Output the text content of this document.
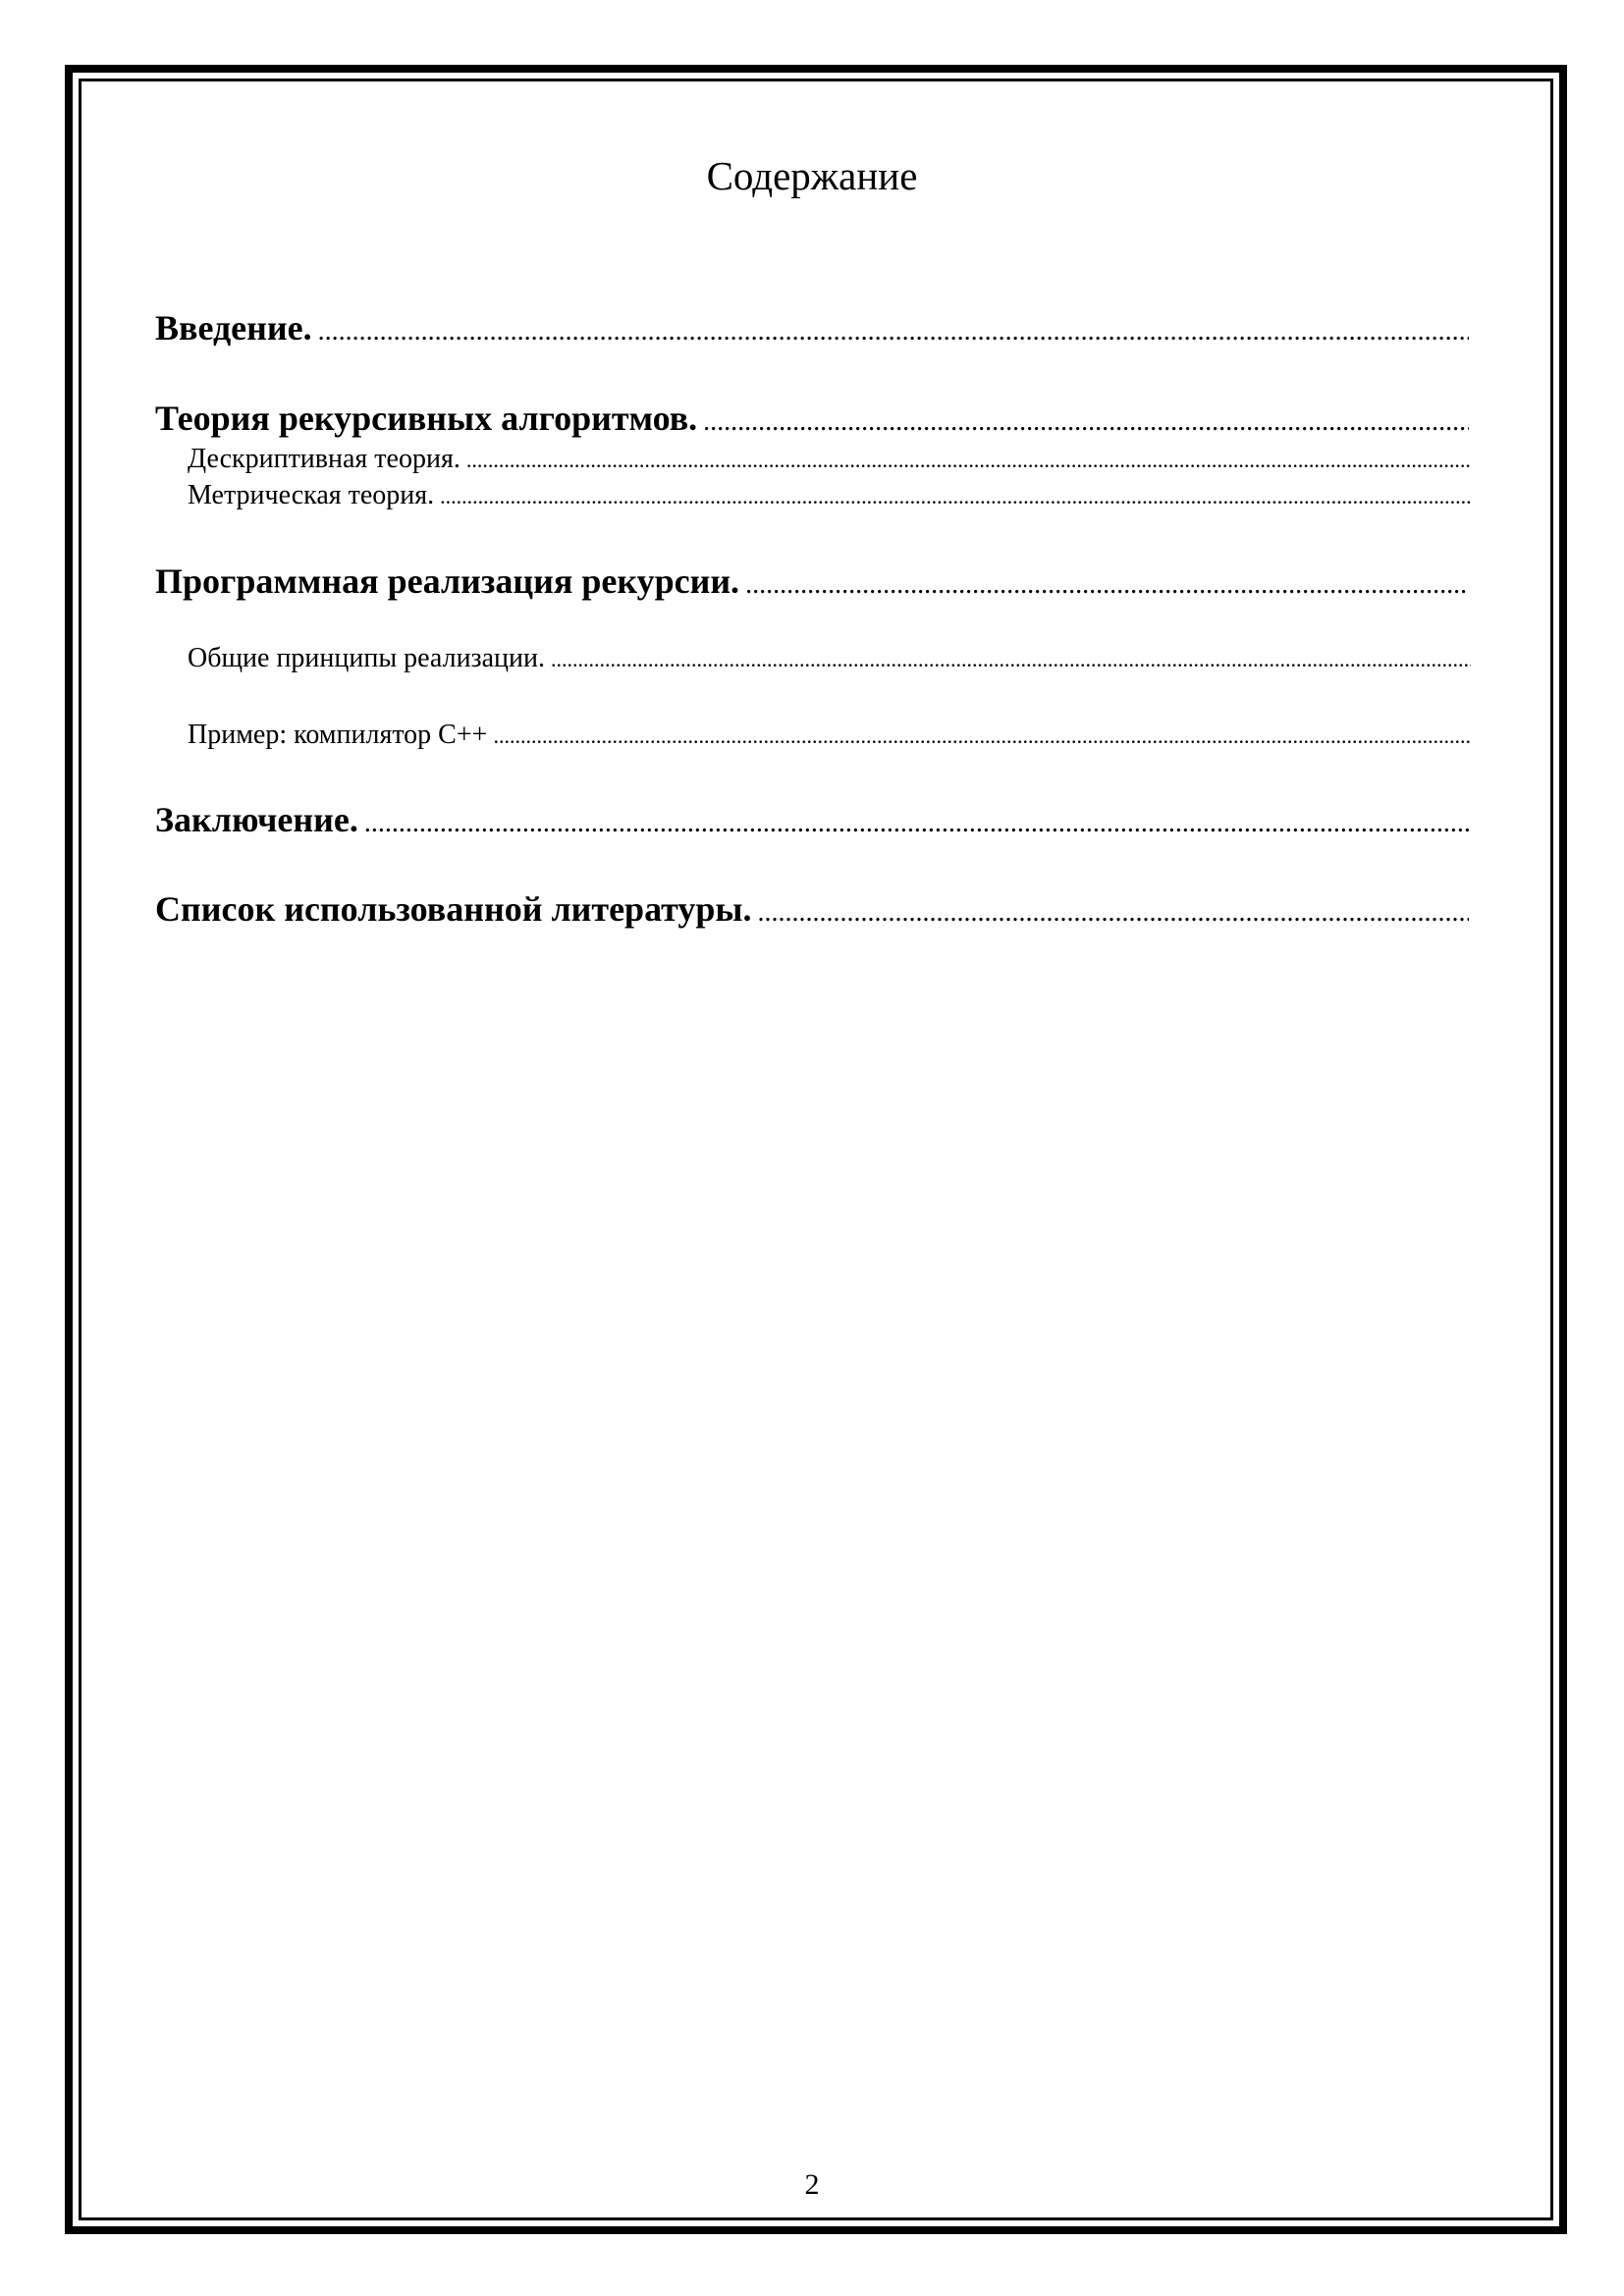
Содержание
Введение.
.....
Теория рекурсивных алгоритмов.
.....
Дескриптивная теория.
.....
Метрическая теория.
.....
Программная реализация рекурсии.
.....
Общие принципы реализации.
.....
Пример: компилятор С++
.....
Заключение.
.....
Список использованной литературы.
.....
2
